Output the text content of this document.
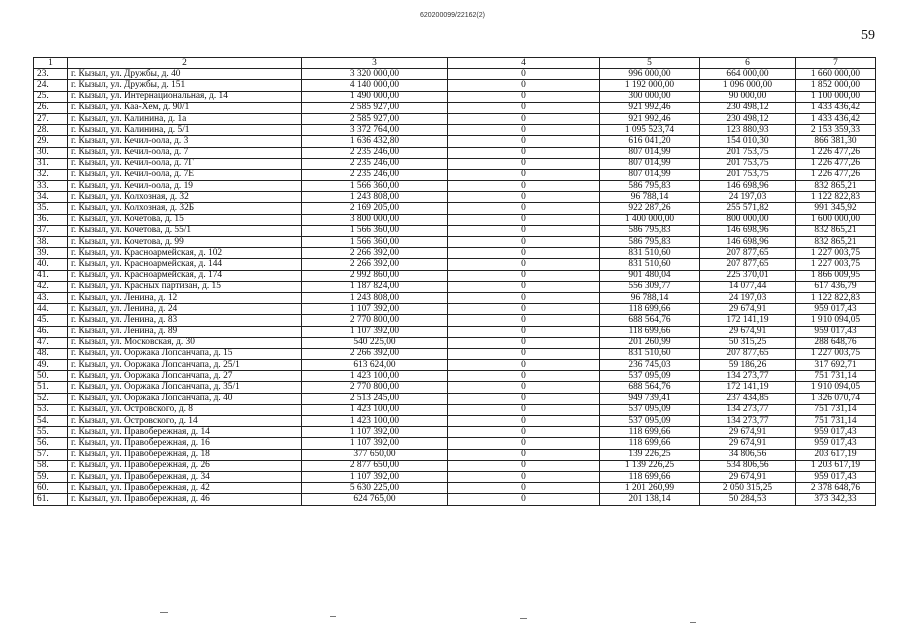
620200099/22162(2)
59
1	2	3	4	5	6	7
23.	г. Кызыл, ул. Дружбы, д. 40	3 320 000,00	0	996 000,00	664 000,00	1 660 000,00
24.	г. Кызыл, ул. Дружбы, д. 151	4 140 000,00	0	1 192 000,00	1 096 000,00	1 852 000,00
25.	г. Кызыл, ул. Интернациональная, д. 14	1 490 000,00	0	300 000,00	90 000,00	1 100 000,00
26.	г. Кызыл, ул. Каа-Хем, д. 90/1	2 585 927,00	0	921 992,46	230 498,12	1 433 436,42
27.	г. Кызыл, ул. Калинина, д. 1а	2 585 927,00	0	921 992,46	230 498,12	1 433 436,42
28.	г. Кызыл, ул. Калинина, д. 5/1	3 372 764,00	0	1 095 523,74	123 880,93	2 153 359,33
29.	г. Кызыл, ул. Кечил-оола, д. 3	1 636 432,80	0	616 041,20	154 010,30	866 381,30
30.	г. Кызыл, ул. Кечил-оола, д. 7	2 235 246,00	0	807 014,99	201 753,75	1 226 477,26
31.	г. Кызыл, ул. Кечил-оола, д. 7Г	2 235 246,00	0	807 014,99	201 753,75	1 226 477,26
32.	г. Кызыл, ул. Кечил-оола, д. 7Е	2 235 246,00	0	807 014,99	201 753,75	1 226 477,26
33.	г. Кызыл, ул. Кечил-оола, д. 19	1 566 360,00	0	586 795,83	146 698,96	832 865,21
34.	г. Кызыл, ул. Колхозная, д. 32	1 243 808,00	0	96 788,14	24 197,03	1 122 822,83
35.	г. Кызыл, ул. Колхозная, д. 32Б	2 169 205,00	0	922 287,26	255 571,82	991 345,92
36.	г. Кызыл, ул. Кочетова, д. 15	3 800 000,00	0	1 400 000,00	800 000,00	1 600 000,00
37.	г. Кызыл, ул. Кочетова, д. 55/1	1 566 360,00	0	586 795,83	146 698,96	832 865,21
38.	г. Кызыл, ул. Кочетова, д. 99	1 566 360,00	0	586 795,83	146 698,96	832 865,21
39.	г. Кызыл, ул. Красноармейская, д. 102	2 266 392,00	0	831 510,60	207 877,65	1 227 003,75
40.	г. Кызыл, ул. Красноармейская, д. 144	2 266 392,00	0	831 510,60	207 877,65	1 227 003,75
41.	г. Кызыл, ул. Красноармейская, д. 174	2 992 860,00	0	901 480,04	225 370,01	1 866 009,95
42.	г. Кызыл, ул. Красных партизан, д. 15	1 187 824,00	0	556 309,77	14 077,44	617 436,79
43.	г. Кызыл, ул. Ленина, д. 12	1 243 808,00	0	96 788,14	24 197,03	1 122 822,83
44.	г. Кызыл, ул. Ленина, д. 24	1 107 392,00	0	118 699,66	29 674,91	959 017,43
45.	г. Кызыл, ул. Ленина, д. 83	2 770 800,00	0	688 564,76	172 141,19	1 910 094,05
46.	г. Кызыл, ул. Ленина, д. 89	1 107 392,00	0	118 699,66	29 674,91	959 017,43
47.	г. Кызыл, ул. Московская, д. 30	540 225,00	0	201 260,99	50 315,25	288 648,76
48.	г. Кызыл, ул. Ооржака Лопсанчапа, д. 15	2 266 392,00	0	831 510,60	207 877,65	1 227 003,75
49.	г. Кызыл, ул. Ооржака Лопсанчапа, д. 25/1	613 624,00	0	236 745,03	59 186,26	317 692,71
50.	г. Кызыл, ул. Ооржака Лопсанчапа, д. 27	1 423 100,00	0	537 095,09	134 273,77	751 731,14
51.	г. Кызыл, ул. Ооржака Лопсанчапа, д. 35/1	2 770 800,00	0	688 564,76	172 141,19	1 910 094,05
52.	г. Кызыл, ул. Ооржака Лопсанчапа, д. 40	2 513 245,00	0	949 739,41	237 434,85	1 326 070,74
53.	г. Кызыл, ул. Островского, д. 8	1 423 100,00	0	537 095,09	134 273,77	751 731,14
54.	г. Кызыл, ул. Островского, д. 14	1 423 100,00	0	537 095,09	134 273,77	751 731,14
55.	г. Кызыл, ул. Правобережная, д. 14	1 107 392,00	0	118 699,66	29 674,91	959 017,43
56.	г. Кызыл, ул. Правобережная, д. 16	1 107 392,00	0	118 699,66	29 674,91	959 017,43
57.	г. Кызыл, ул. Правобережная, д. 18	377 650,00	0	139 226,25	34 806,56	203 617,19
58.	г. Кызыл, ул. Правобережная, д. 26	2 877 650,00	0	1 139 226,25	534 806,56	1 203 617,19
59.	г. Кызыл, ул. Правобережная, д. 34	1 107 392,00	0	118 699,66	29 674,91	959 017,43
60.	г. Кызыл, ул. Правобережная, д. 42	5 630 225,00	0	1 201 260,99	2 050 315,25	2 378 648,76
61.	г. Кызыл, ул. Правобережная, д. 46	624 765,00	0	201 138,14	50 284,53	373 342,33
